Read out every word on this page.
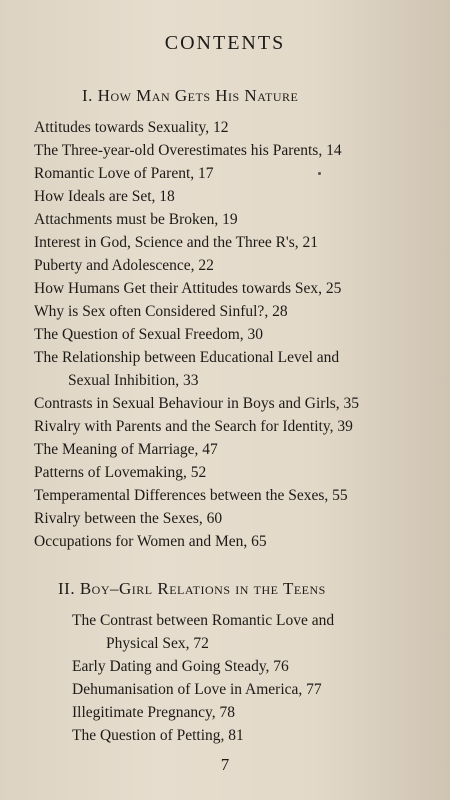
CONTENTS
I. How Man Gets His Nature
Attitudes towards Sexuality, 12
The Three-year-old Overestimates his Parents, 14
Romantic Love of Parent, 17
How Ideals are Set, 18
Attachments must be Broken, 19
Interest in God, Science and the Three R's, 21
Puberty and Adolescence, 22
How Humans Get their Attitudes towards Sex, 25
Why is Sex often Considered Sinful?, 28
The Question of Sexual Freedom, 30
The Relationship between Educational Level and
Sexual Inhibition, 33
Contrasts in Sexual Behaviour in Boys and Girls, 35
Rivalry with Parents and the Search for Identity, 39
The Meaning of Marriage, 47
Patterns of Lovemaking, 52
Temperamental Differences between the Sexes, 55
Rivalry between the Sexes, 60
Occupations for Women and Men, 65
II. Boy–Girl Relations in the Teens
The Contrast between Romantic Love and
Physical Sex, 72
Early Dating and Going Steady, 76
Dehumanisation of Love in America, 77
Illegitimate Pregnancy, 78
The Question of Petting, 81
7
